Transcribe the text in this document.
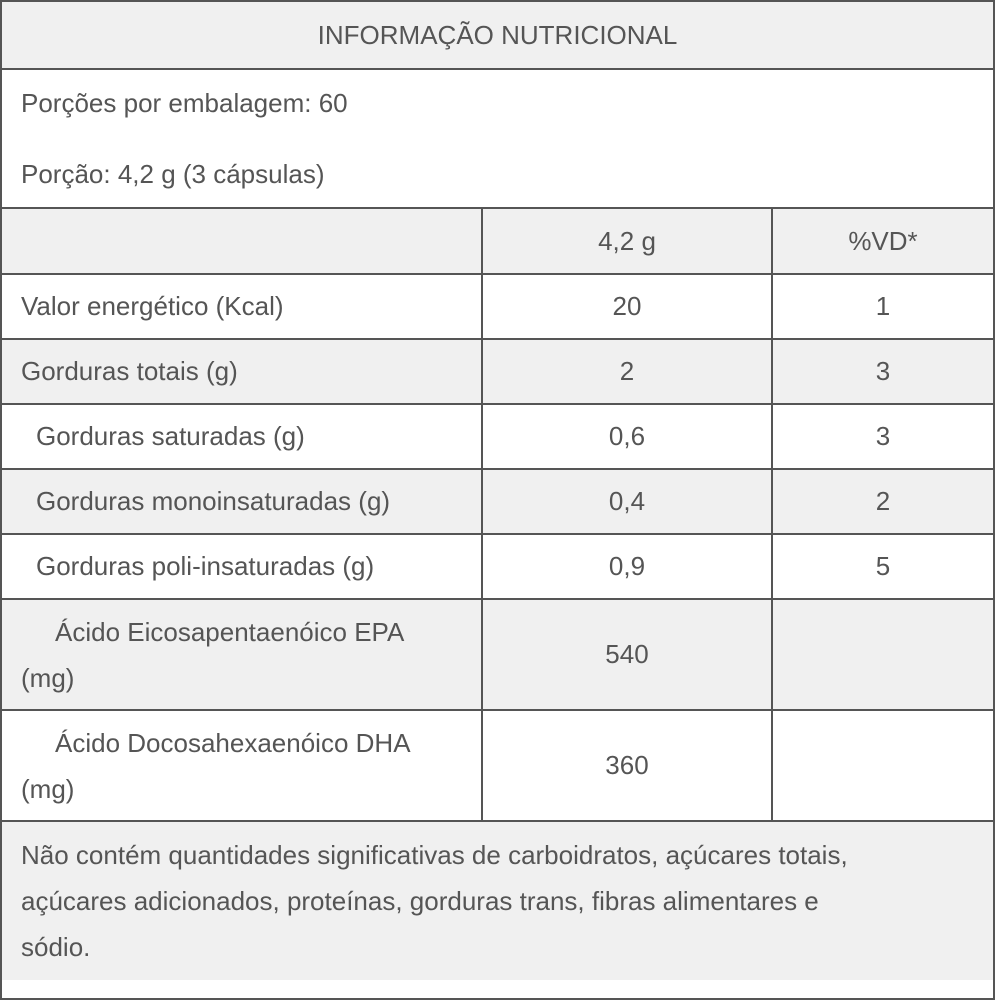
INFORMAÇÃO NUTRICIONAL
Porções por embalagem: 60
Porção: 4,2 g (3 cápsulas)
	4,2 g	%VD*
Valor energético (Kcal)	20	1
Gorduras totais (g)	2	3
Gorduras saturadas (g)	0,6	3
Gorduras monoinsaturadas (g)	0,4	2
Gorduras poli-insaturadas (g)	0,9	5
Ácido Eicosapentaenóico EPA
(mg)	540	
Ácido Docosahexaenóico DHA
(mg)	360	
Não contém quantidades significativas de carboidratos, açúcares totais,
açúcares adicionados, proteínas, gorduras trans, fibras alimentares e
sódio.
